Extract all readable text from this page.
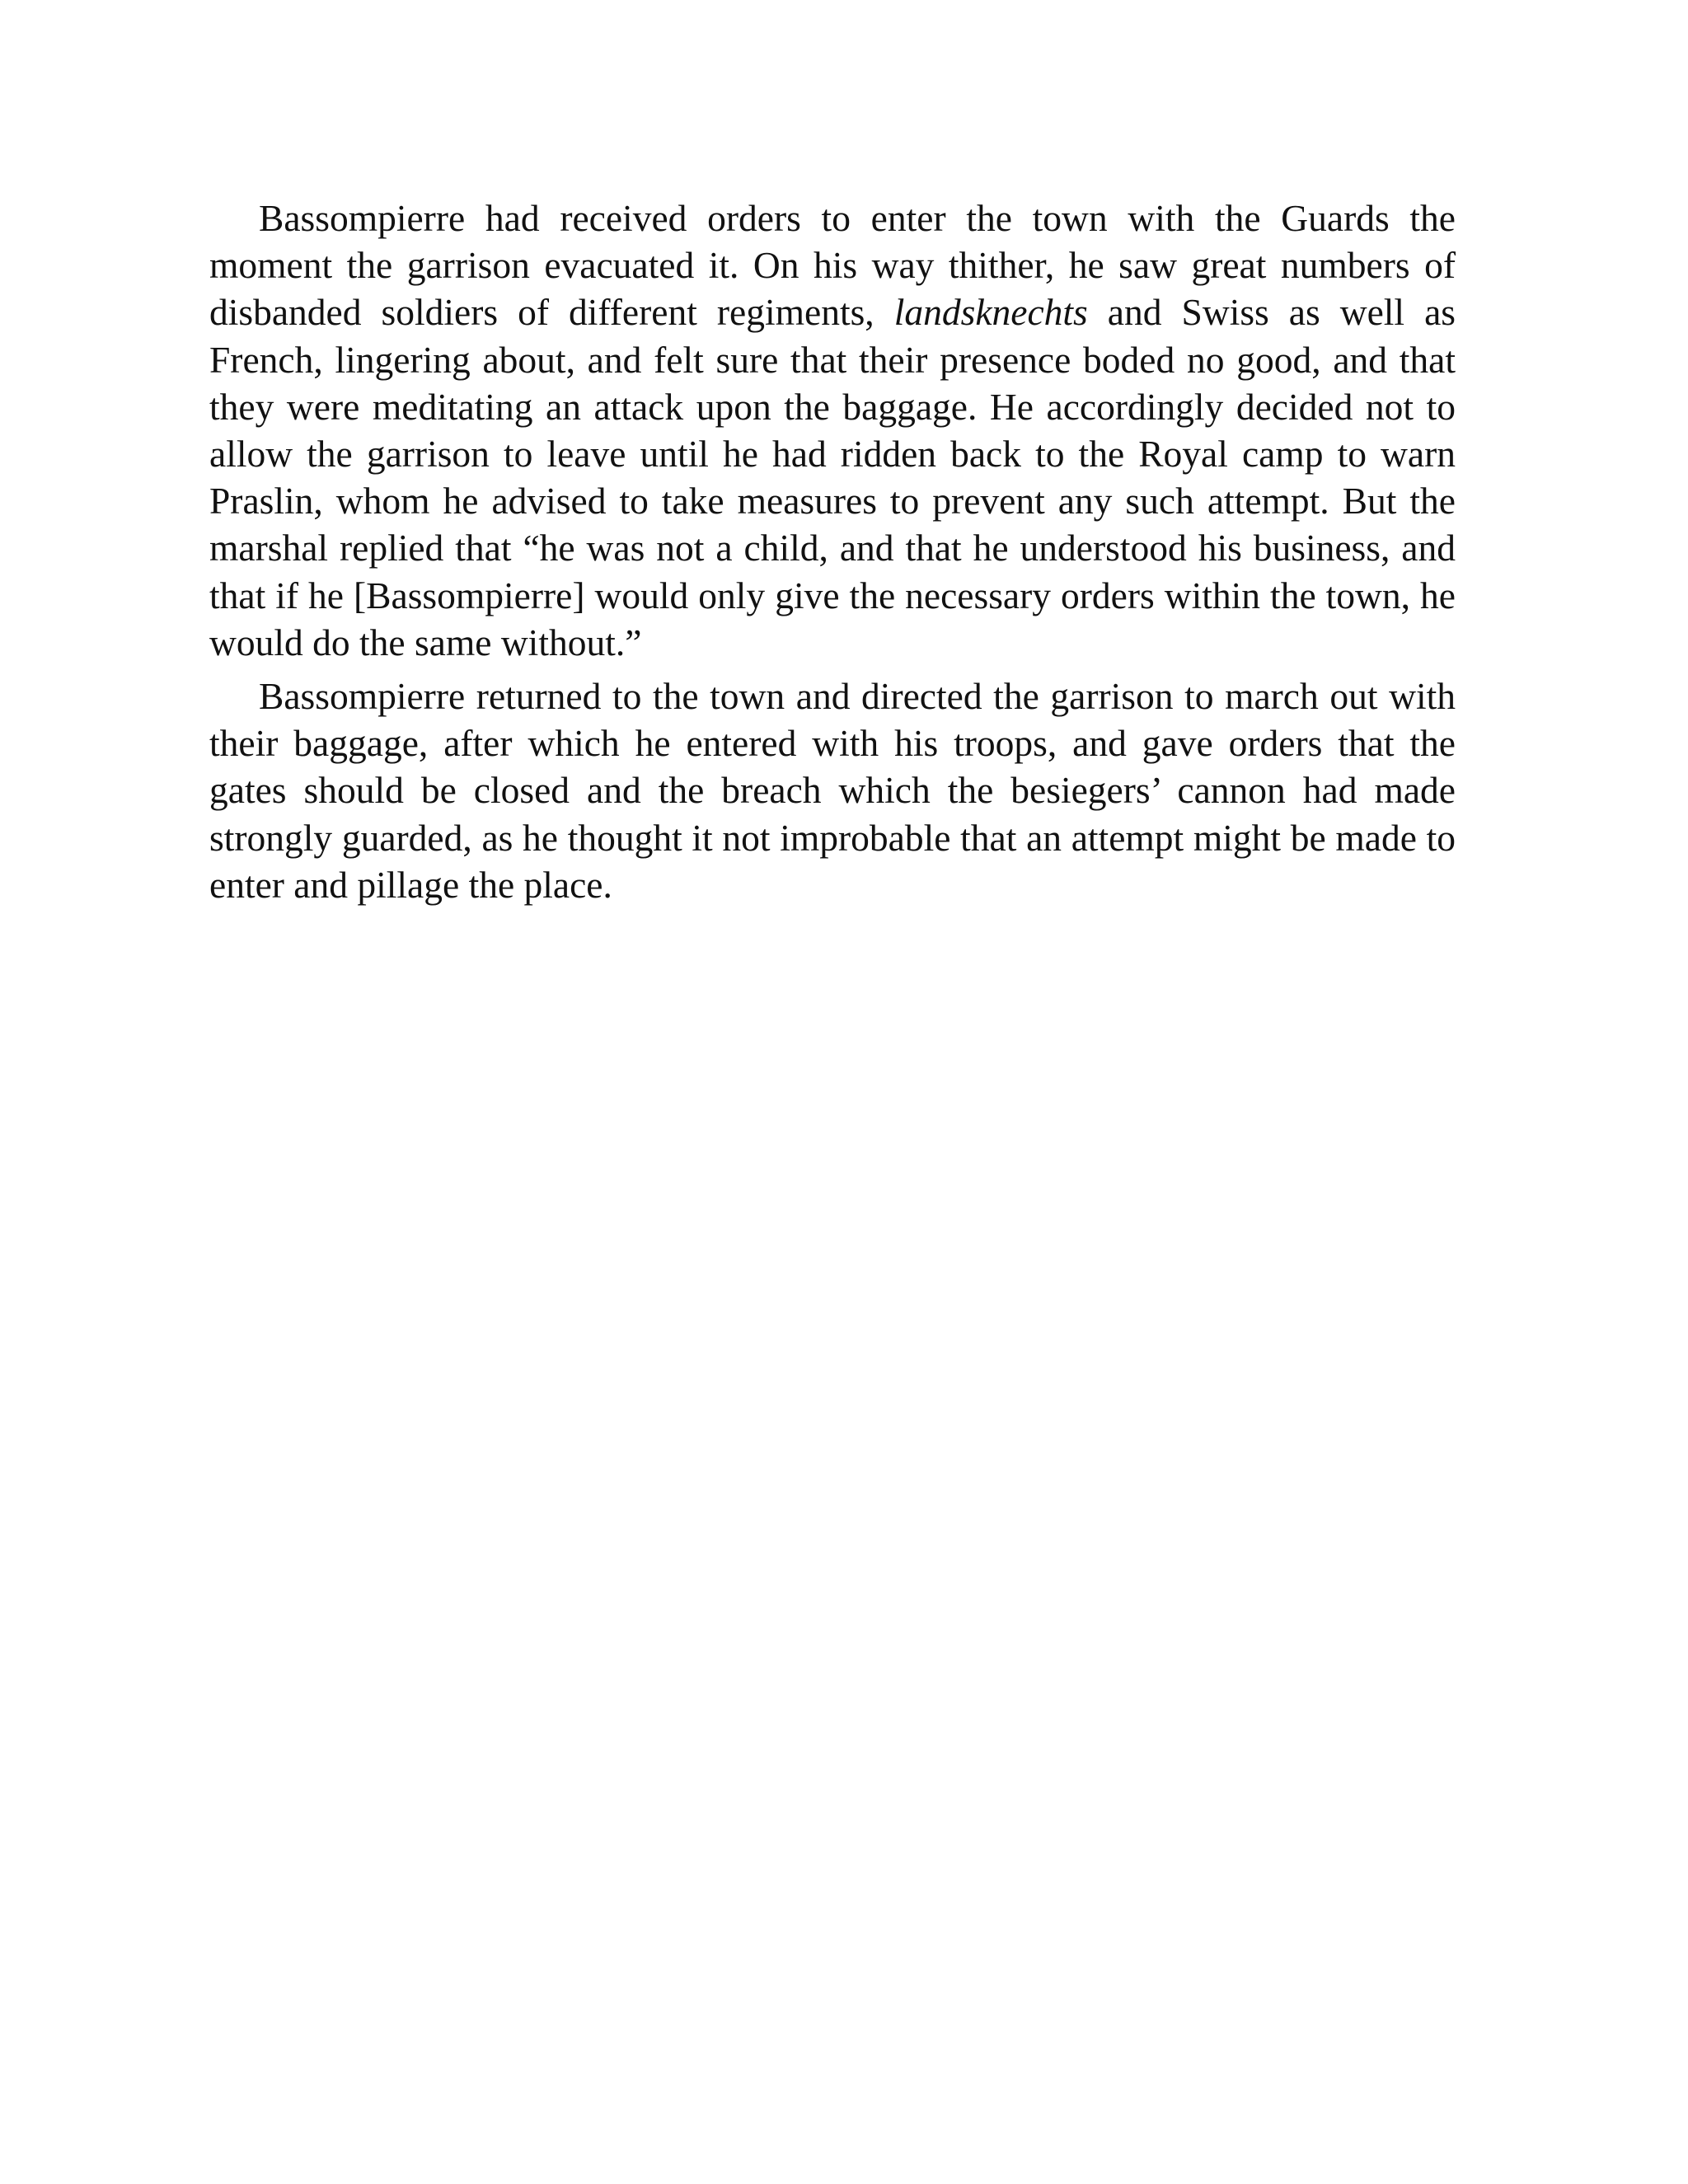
Bassompierre had received orders to enter the town with the Guards the moment the garrison evacuated it. On his way thither, he saw great numbers of disbanded soldiers of different regiments, landsknechts and Swiss as well as French, lingering about, and felt sure that their presence boded no good, and that they were meditating an attack upon the baggage. He accordingly decided not to allow the garrison to leave until he had ridden back to the Royal camp to warn Praslin, whom he advised to take measures to prevent any such attempt. But the marshal replied that “he was not a child, and that he understood his business, and that if he [Bassompierre] would only give the necessary orders within the town, he would do the same without.”

Bassompierre returned to the town and directed the garrison to march out with their baggage, after which he entered with his troops, and gave orders that the gates should be closed and the breach which the besiegers’ cannon had made strongly guarded, as he thought it not improbable that an attempt might be made to enter and pillage the place.
